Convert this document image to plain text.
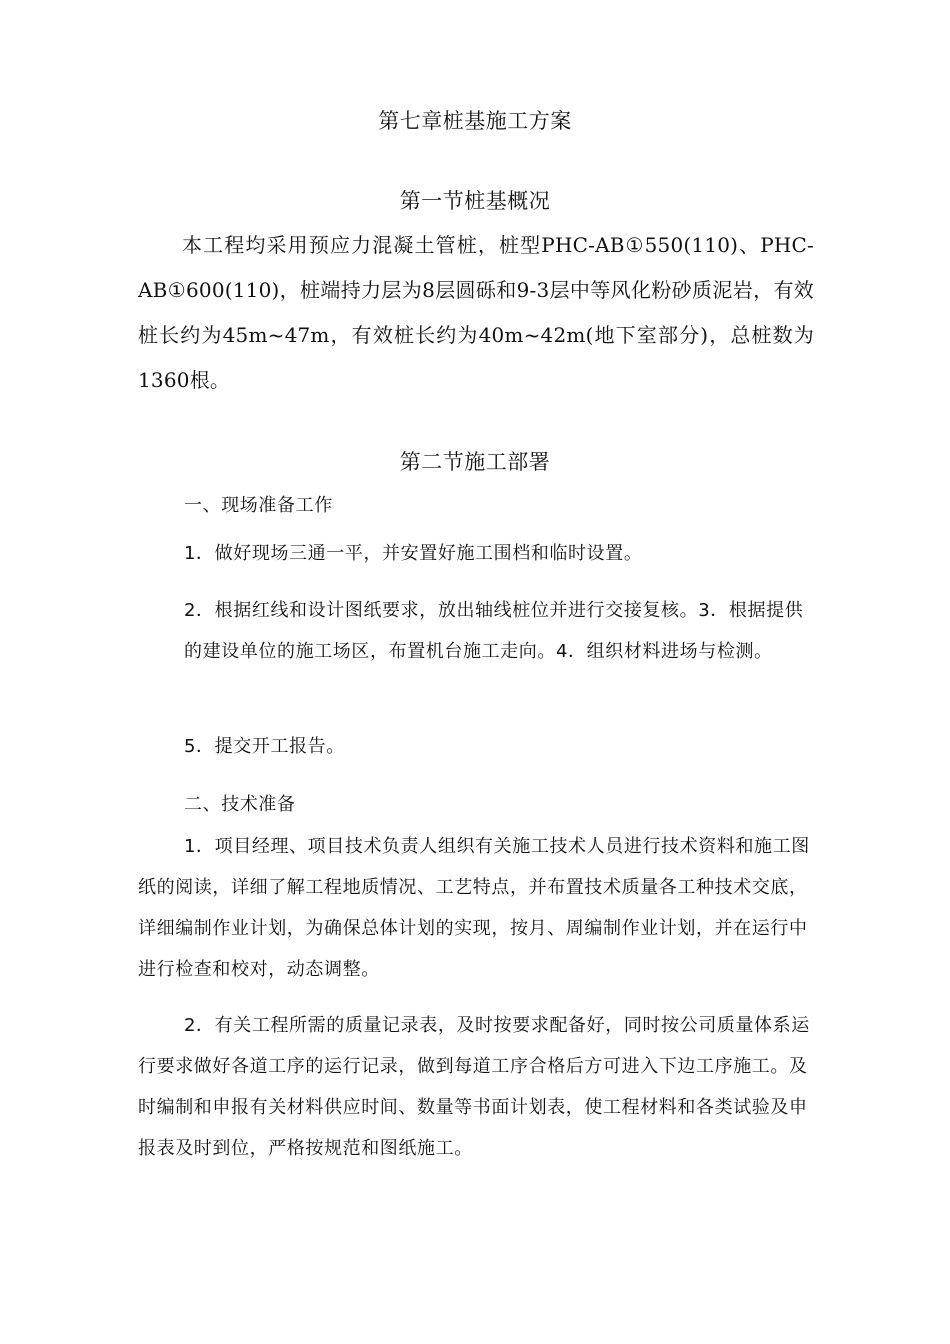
第七章桩基施工方案
第一节桩基概况
本工程均采用预应力混凝土管桩，桩型PHC-AB①550(110)、PHC-AB①600(110)，桩端持力层为8层圆砾和9-3层中等风化粉砂质泥岩，有效桩长约为45m~47m，有效桩长约为40m~42m(地下室部分)，总桩数为1360根。
第二节施工部署
一、现场准备工作
1．做好现场三通一平，并安置好施工围档和临时设置。
2．根据红线和设计图纸要求，放出轴线桩位并进行交接复核。3．根据提供的建设单位的施工场区，布置机台施工走向。4．组织材料进场与检测。
5．提交开工报告。
二、技术准备
1．项目经理、项目技术负责人组织有关施工技术人员进行技术资料和施工图纸的阅读，详细了解工程地质情况、工艺特点，并布置技术质量各工种技术交底，详细编制作业计划，为确保总体计划的实现，按月、周编制作业计划，并在运行中进行检查和校对，动态调整。
2．有关工程所需的质量记录表，及时按要求配备好，同时按公司质量体系运行要求做好各道工序的运行记录，做到每道工序合格后方可进入下边工序施工。及时编制和申报有关材料供应时间、数量等书面计划表，使工程材料和各类试验及申报表及时到位，严格按规范和图纸施工。
